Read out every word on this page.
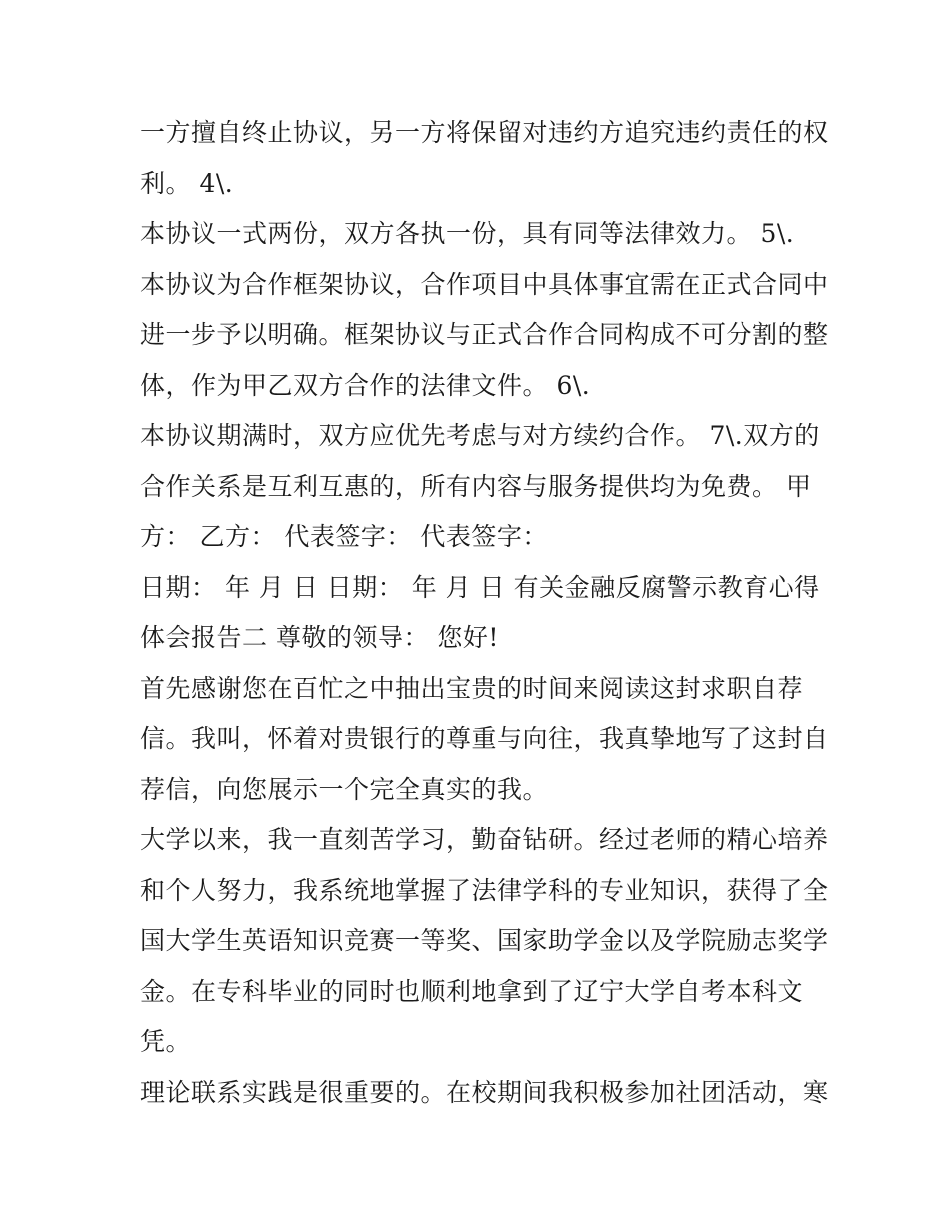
一方擅自终止协议，另一方将保留对违约方追究违约责任的权
利。 4\.
本协议一式两份，双方各执一份，具有同等法律效力。 5\.
本协议为合作框架协议，合作项目中具体事宜需在正式合同中
进一步予以明确。框架协议与正式合作合同构成不可分割的整
体，作为甲乙双方合作的法律文件。 6\.
本协议期满时，双方应优先考虑与对方续约合作。 7\.双方的
合作关系是互利互惠的，所有内容与服务提供均为免费。 甲
方： 乙方： 代表签字： 代表签字：
日期： 年 月 日 日期： 年 月 日 有关金融反腐警示教育心得
体会报告二 尊敬的领导： 您好!
首先感谢您在百忙之中抽出宝贵的时间来阅读这封求职自荐
信。我叫，怀着对贵银行的尊重与向往，我真挚地写了这封自
荐信，向您展示一个完全真实的我。
大学以来，我一直刻苦学习，勤奋钻研。经过老师的精心培养
和个人努力，我系统地掌握了法律学科的专业知识，获得了全
国大学生英语知识竞赛一等奖、国家助学金以及学院励志奖学
金。在专科毕业的同时也顺利地拿到了辽宁大学自考本科文
凭。
理论联系实践是很重要的。在校期间我积极参加社团活动，寒
